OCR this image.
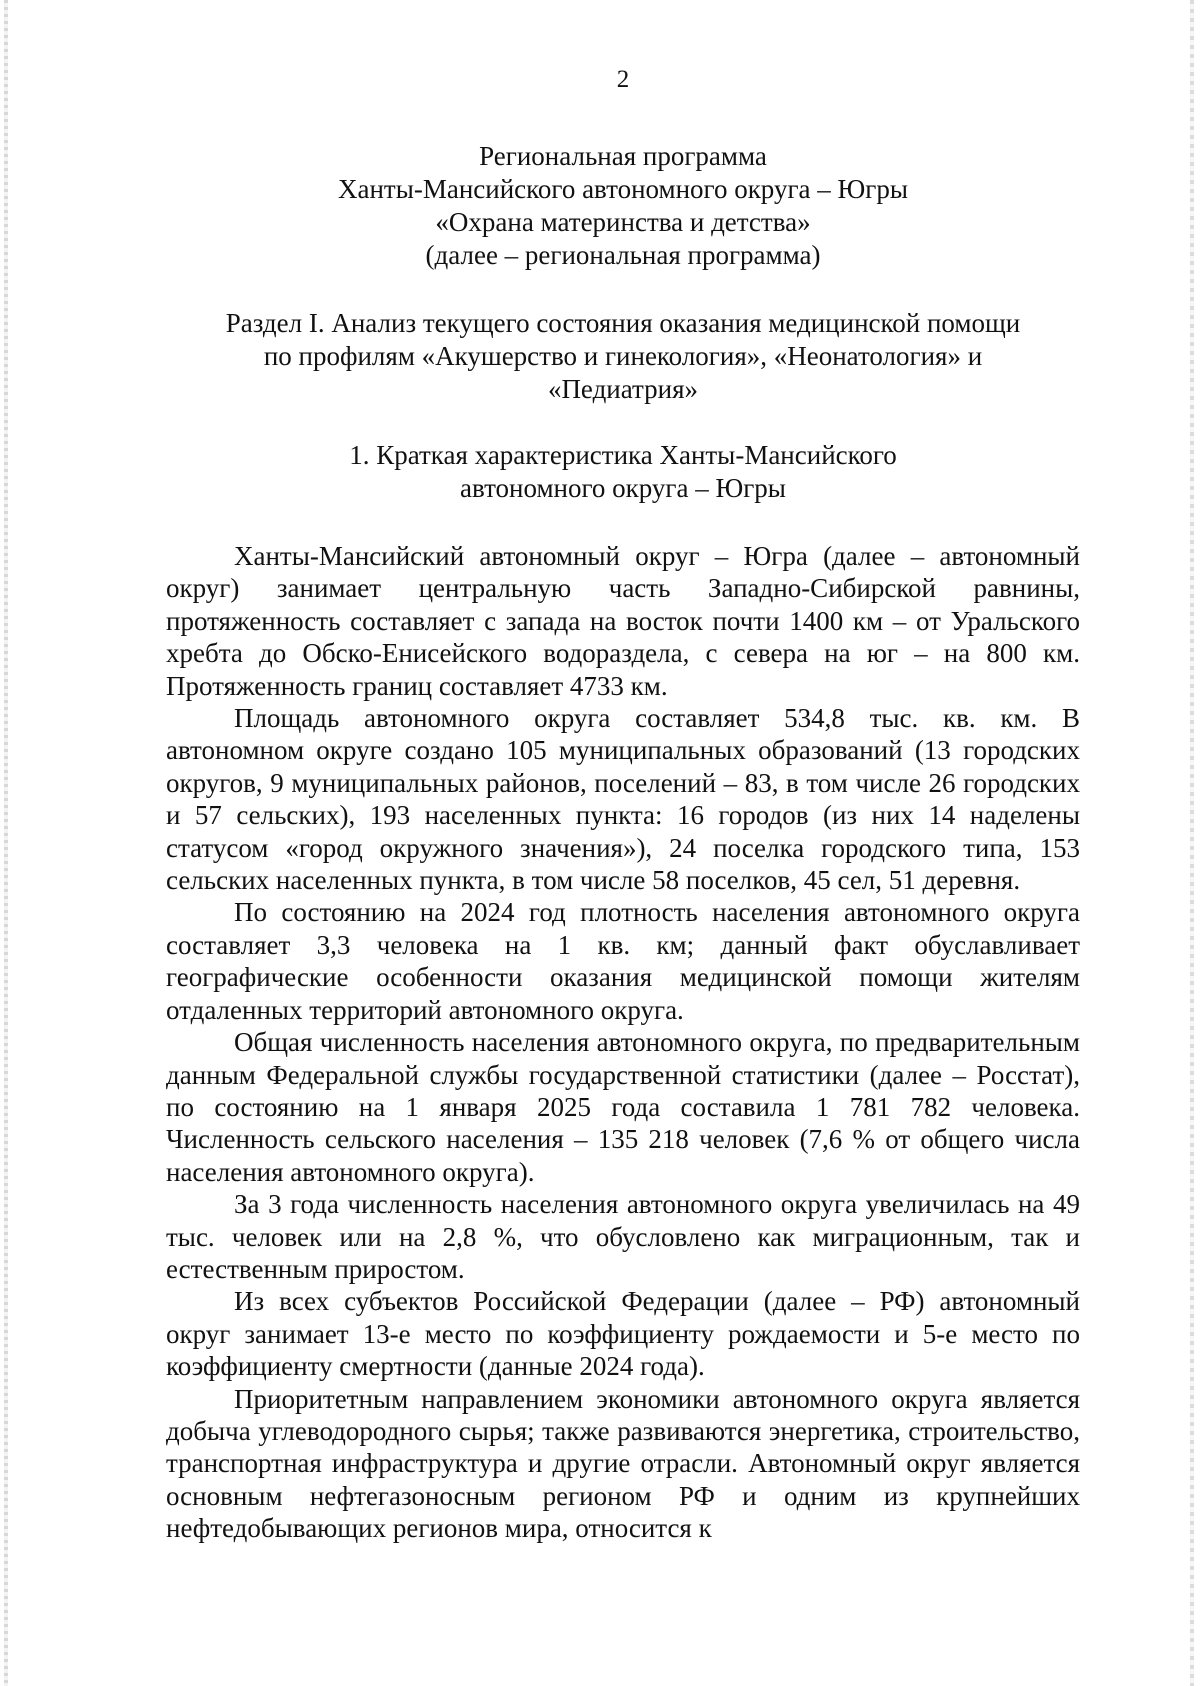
2
Региональная программа
Ханты-Мансийского автономного округа – Югры
«Охрана материнства и детства»
(далее – региональная программа)
Раздел I. Анализ текущего состояния оказания медицинской помощи
по профилям «Акушерство и гинекология», «Неонатология» и
«Педиатрия»
1. Краткая характеристика Ханты-Мансийского
автономного округа – Югры

Ханты-Мансийский автономный округ – Югра (далее – автономный округ) занимает центральную часть Западно-Сибирской равнины, протяженность составляет с запада на восток почти 1400 км – от Уральского хребта до Обско-Енисейского водораздела, с севера на юг – на 800 км. Протяженность границ составляет 4733 км.

Площадь автономного округа составляет 534,8 тыс. кв. км. В автономном округе создано 105 муниципальных образований (13 городских округов, 9 муниципальных районов, поселений – 83, в том числе 26 городских и 57 сельских), 193 населенных пункта: 16 городов (из них 14 наделены статусом «город окружного значения»), 24 поселка городского типа, 153 сельских населенных пункта, в том числе 58 поселков, 45 сел, 51 деревня.

По состоянию на 2024 год плотность населения автономного округа составляет 3,3 человека на 1 кв. км; данный факт обуславливает географические особенности оказания медицинской помощи жителям отдаленных территорий автономного округа.

Общая численность населения автономного округа, по предварительным данным Федеральной службы государственной статистики (далее – Росстат), по состоянию на 1 января 2025 года составила 1 781 782 человека. Численность сельского населения – 135 218 человек (7,6 % от общего числа населения автономного округа).

За 3 года численность населения автономного округа увеличилась на 49 тыс. человек или на 2,8 %, что обусловлено как миграционным, так и естественным приростом.

Из всех субъектов Российской Федерации (далее – РФ) автономный округ занимает 13-е место по коэффициенту рождаемости и 5-е место по коэффициенту смертности (данные 2024 года).

Приоритетным направлением экономики автономного округа является добыча углеводородного сырья; также развиваются энергетика, строительство, транспортная инфраструктура и другие отрасли. Автономный округ является основным нефтегазоносным регионом РФ и одним из крупнейших нефтедобывающих регионов мира, относится к
